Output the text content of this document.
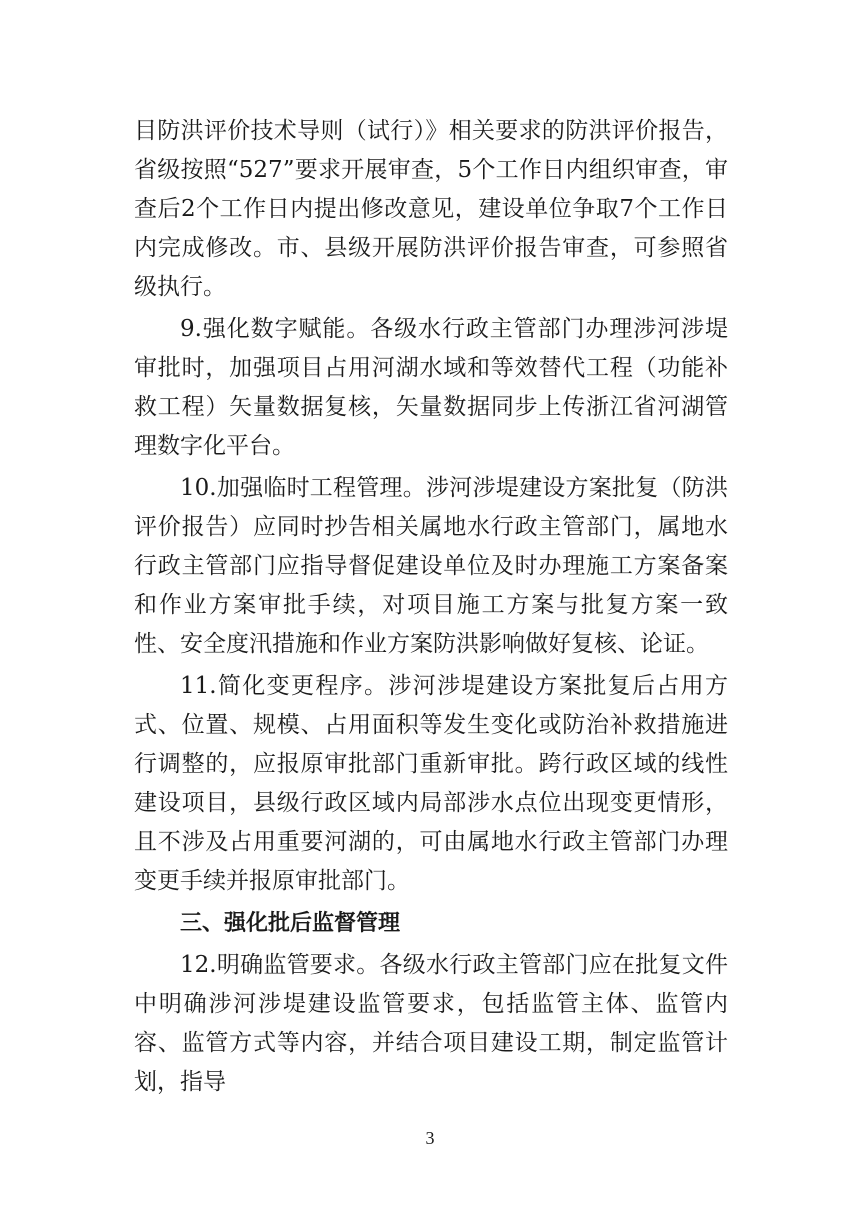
目防洪评价技术导则（试行）》相关要求的防洪评价报告，省级按照“527”要求开展审查，5个工作日内组织审查，审查后2个工作日内提出修改意见，建设单位争取7个工作日内完成修改。市、县级开展防洪评价报告审查，可参照省级执行。

9.强化数字赋能。各级水行政主管部门办理涉河涉堤审批时，加强项目占用河湖水域和等效替代工程（功能补救工程）矢量数据复核，矢量数据同步上传浙江省河湖管理数字化平台。

10.加强临时工程管理。涉河涉堤建设方案批复（防洪评价报告）应同时抄告相关属地水行政主管部门，属地水行政主管部门应指导督促建设单位及时办理施工方案备案和作业方案审批手续，对项目施工方案与批复方案一致性、安全度汛措施和作业方案防洪影响做好复核、论证。

11.简化变更程序。涉河涉堤建设方案批复后占用方式、位置、规模、占用面积等发生变化或防治补救措施进行调整的，应报原审批部门重新审批。跨行政区域的线性建设项目，县级行政区域内局部涉水点位出现变更情形，且不涉及占用重要河湖的，可由属地水行政主管部门办理变更手续并报原审批部门。

三、强化批后监督管理

12.明确监管要求。各级水行政主管部门应在批复文件中明确涉河涉堤建设监管要求，包括监管主体、监管内容、监管方式等内容，并结合项目建设工期，制定监管计划，指导

3
